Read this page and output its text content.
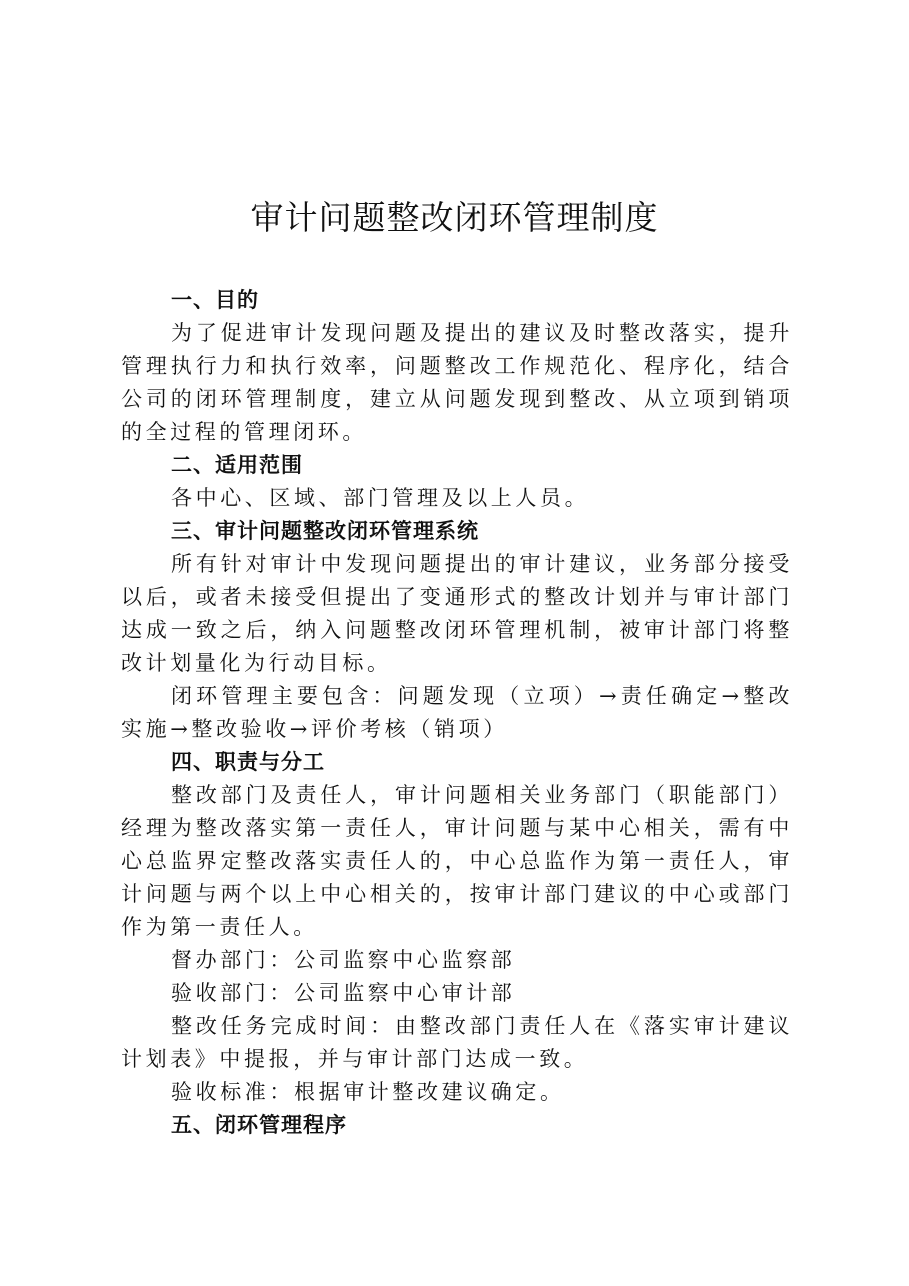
审计问题整改闭环管理制度

一、目的

为了促进审计发现问题及提出的建议及时整改落实，提升管理执行力和执行效率，问题整改工作规范化、程序化，结合公司的闭环管理制度，建立从问题发现到整改、从立项到销项的全过程的管理闭环。

二、适用范围

各中心、区域、部门管理及以上人员。

三、审计问题整改闭环管理系统

所有针对审计中发现问题提出的审计建议，业务部分接受以后，或者未接受但提出了变通形式的整改计划并与审计部门达成一致之后，纳入问题整改闭环管理机制，被审计部门将整改计划量化为行动目标。

闭环管理主要包含：问题发现（立项）→责任确定→整改实施→整改验收→评价考核（销项）

四、职责与分工

整改部门及责任人，审计问题相关业务部门（职能部门）经理为整改落实第一责任人，审计问题与某中心相关，需有中心总监界定整改落实责任人的，中心总监作为第一责任人，审计问题与两个以上中心相关的，按审计部门建议的中心或部门作为第一责任人。

督办部门：公司监察中心监察部

验收部门：公司监察中心审计部

整改任务完成时间：由整改部门责任人在《落实审计建议计划表》中提报，并与审计部门达成一致。

验收标准：根据审计整改建议确定。

五、闭环管理程序
